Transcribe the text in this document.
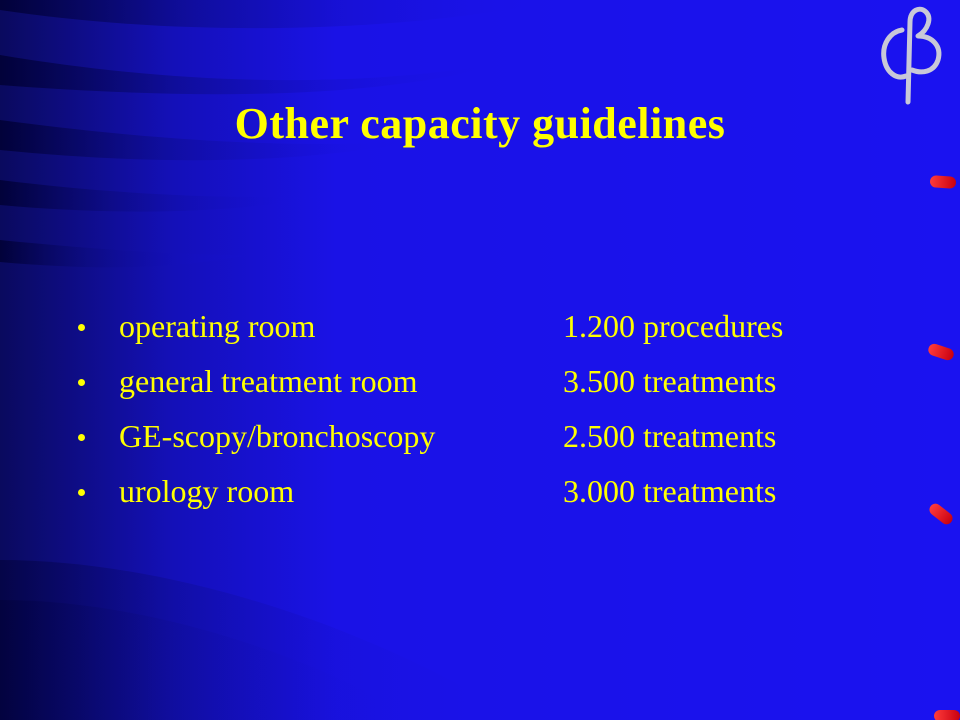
Other capacity guidelines
operating room	1.200 procedures
general treatment room	3.500 treatments
GE-scopy/bronchoscopy	2.500 treatments
urology room	3.000 treatments
